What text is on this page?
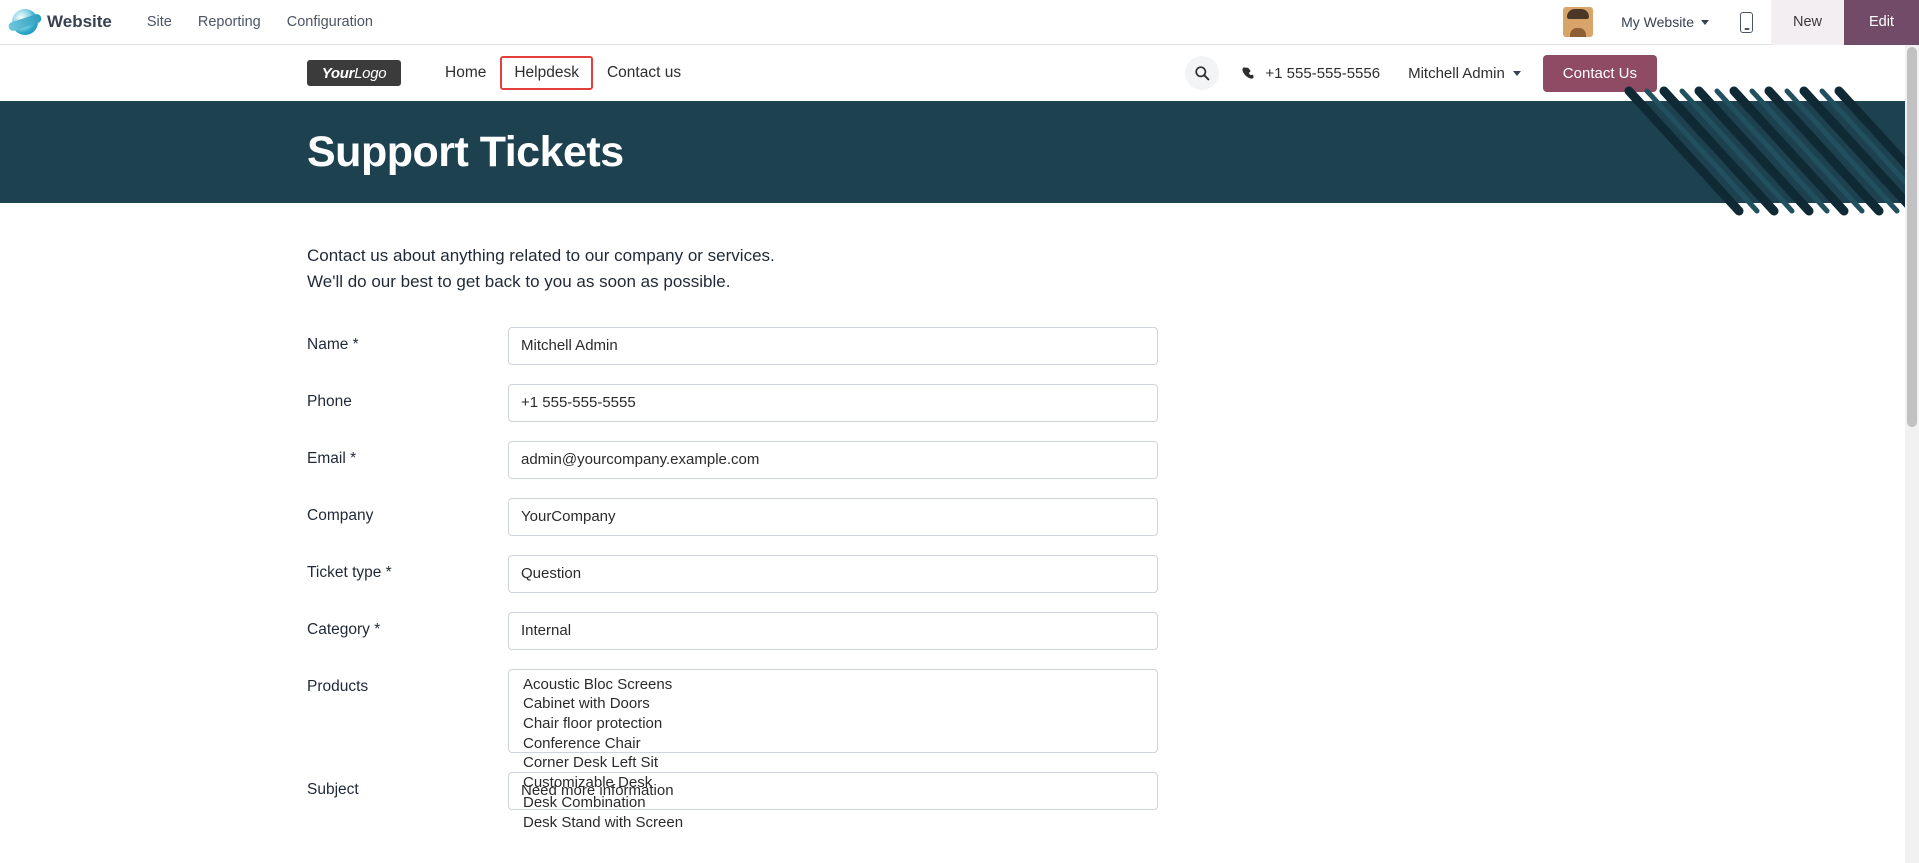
Website	Site	Reporting	Configuration	My Website	New	Edit
Your Logo	Home	Helpdesk	Contact us	+1 555-555-5556 Mitchell Admin	Contact Us
Support Tickets
Contact us about anything related to our company or services.
We'll do our best to get back to you as soon as possible.
Name *
Mitchell Admin
Phone
+1 555-555-5555
Email *
admin@yourcompany.example.com
Company
YourCompany
Ticket type *
Question
Category *
Internal
Products	Acoustic Bloc Screens
Cabinet with Doors
Chair floor protection
Conference Chair
Corner Desk Left Sit
Customizable Desk
Desk Combination
Desk Stand with Screen
Subject
Need more information
